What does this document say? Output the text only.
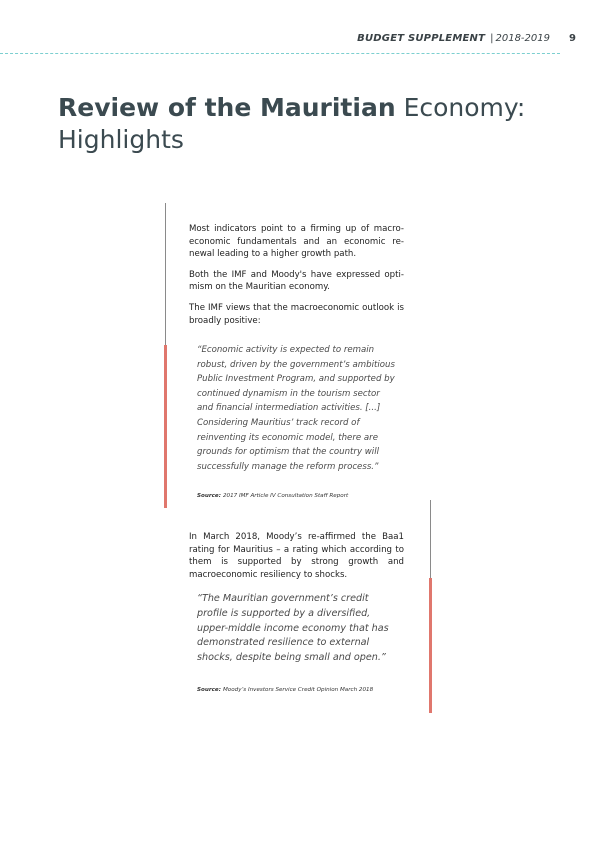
BUDGET SUPPLEMENT | 2018-2019 9
Review of the Mauritian Economy:
Highlights

Most indicators point to a firming up of macro-economic fundamentals and an economic re-newal leading to a higher growth path.

Both the IMF and Moody's have expressed opti-mism on the Mauritian economy.

The IMF views that the macroeconomic outlook is broadly positive:

“Economic activity is expected to remain robust, driven by the government’s ambitious Public Investment Program, and supported by continued dynamism in the tourism sector and financial intermediation activities. [...] Considering Mauritius’ track record of reinventing its economic model, there are grounds for optimism that the country will successfully manage the reform process.”
Source: 2017 IMF Article IV Consultation Staff Report

In March 2018, Moody’s re-affirmed the Baa1 rating for Mauritius – a rating which according to them is supported by strong growth and macroeconomic resiliency to shocks.

“The Mauritian government’s credit profile is supported by a diversified, upper-middle income economy that has demonstrated resilience to external shocks, despite being small and open.”
Source: Moody’s Investors Service Credit Opinion March 2018
